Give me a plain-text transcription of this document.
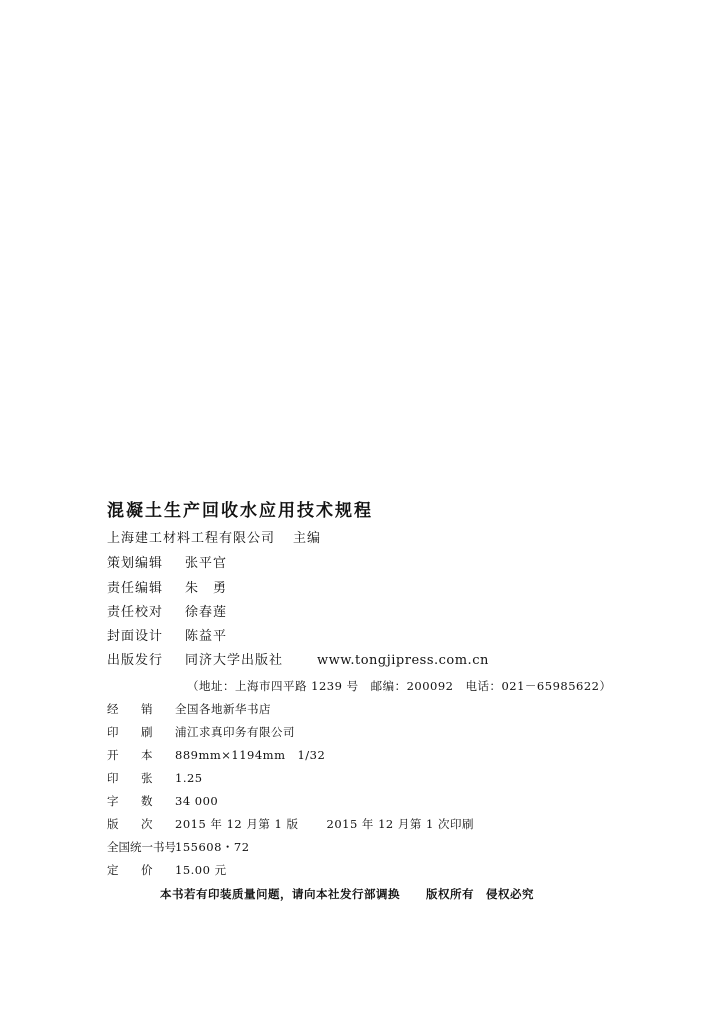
混凝土生产回收水应用技术规程
上海建工材料工程有限公司 主编
策划编辑 张平官
责任编辑 朱　勇
责任校对 徐春莲
封面设计 陈益平
出版发行 同济大学出版社	www.tongjipress.com.cn
（地址：上海市四平路 1239 号 邮编：200092 电话：021－65985622）
经 销 全国各地新华书店
印 刷 浦江求真印务有限公司
开 本 889mm×1194mm　1/32
印 张 1.25
字 数 34 000
版 次 2015 年 12 月第 1 版 2015 年 12 月第 1 次印刷
全国统一书号155608・72
定 价 15.00 元
本书若有印装质量问题，请向本社发行部调换 版权所有 侵权必究
